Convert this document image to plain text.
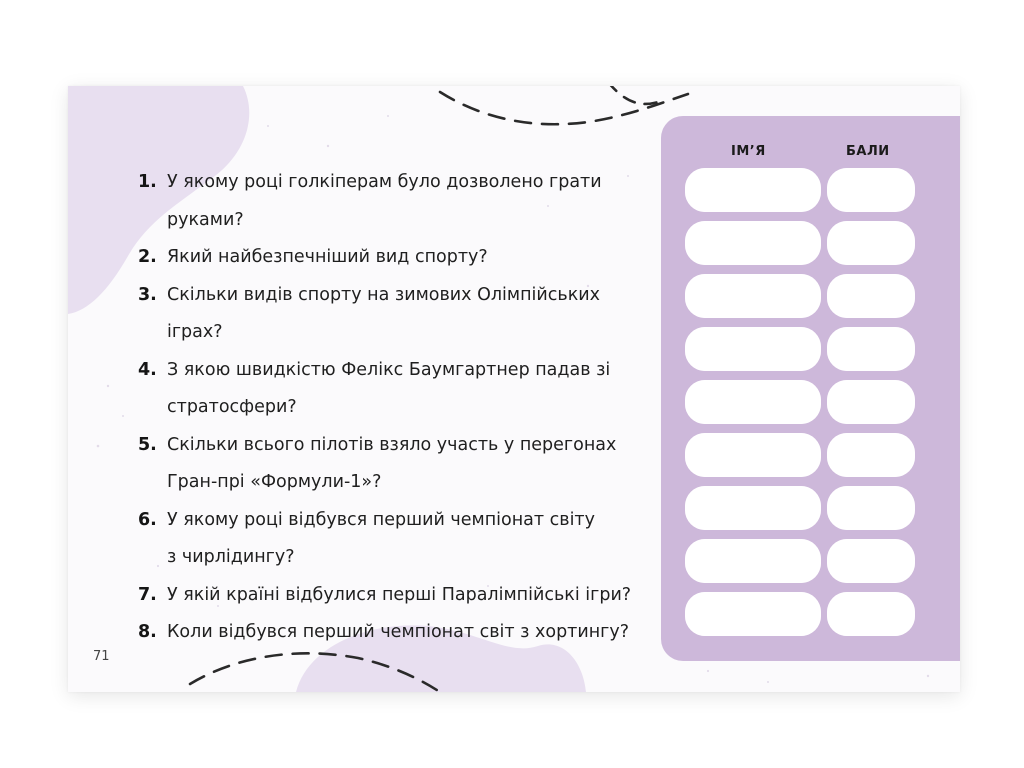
1. У якому році голкіперам було дозволено грати
руками?
2. Який найбезпечніший вид спорту?
3. Скільки видів спорту на зимових Олімпійських іграх?
4. З якою швидкістю Фелікс Баумгартнер падав зі
стратосфери?
5. Скільки всього пілотів взяло участь у перегонах
Гран-прі «Формули-1»?
6. У якому році відбувся перший чемпіонат світу
з чирлідингу?
7. У якій країні відбулися перші Паралімпійські ігри?
8. Коли відбувся перший чемпіонат світ з хортингу?
ІМ’Я	БАЛИ
71
